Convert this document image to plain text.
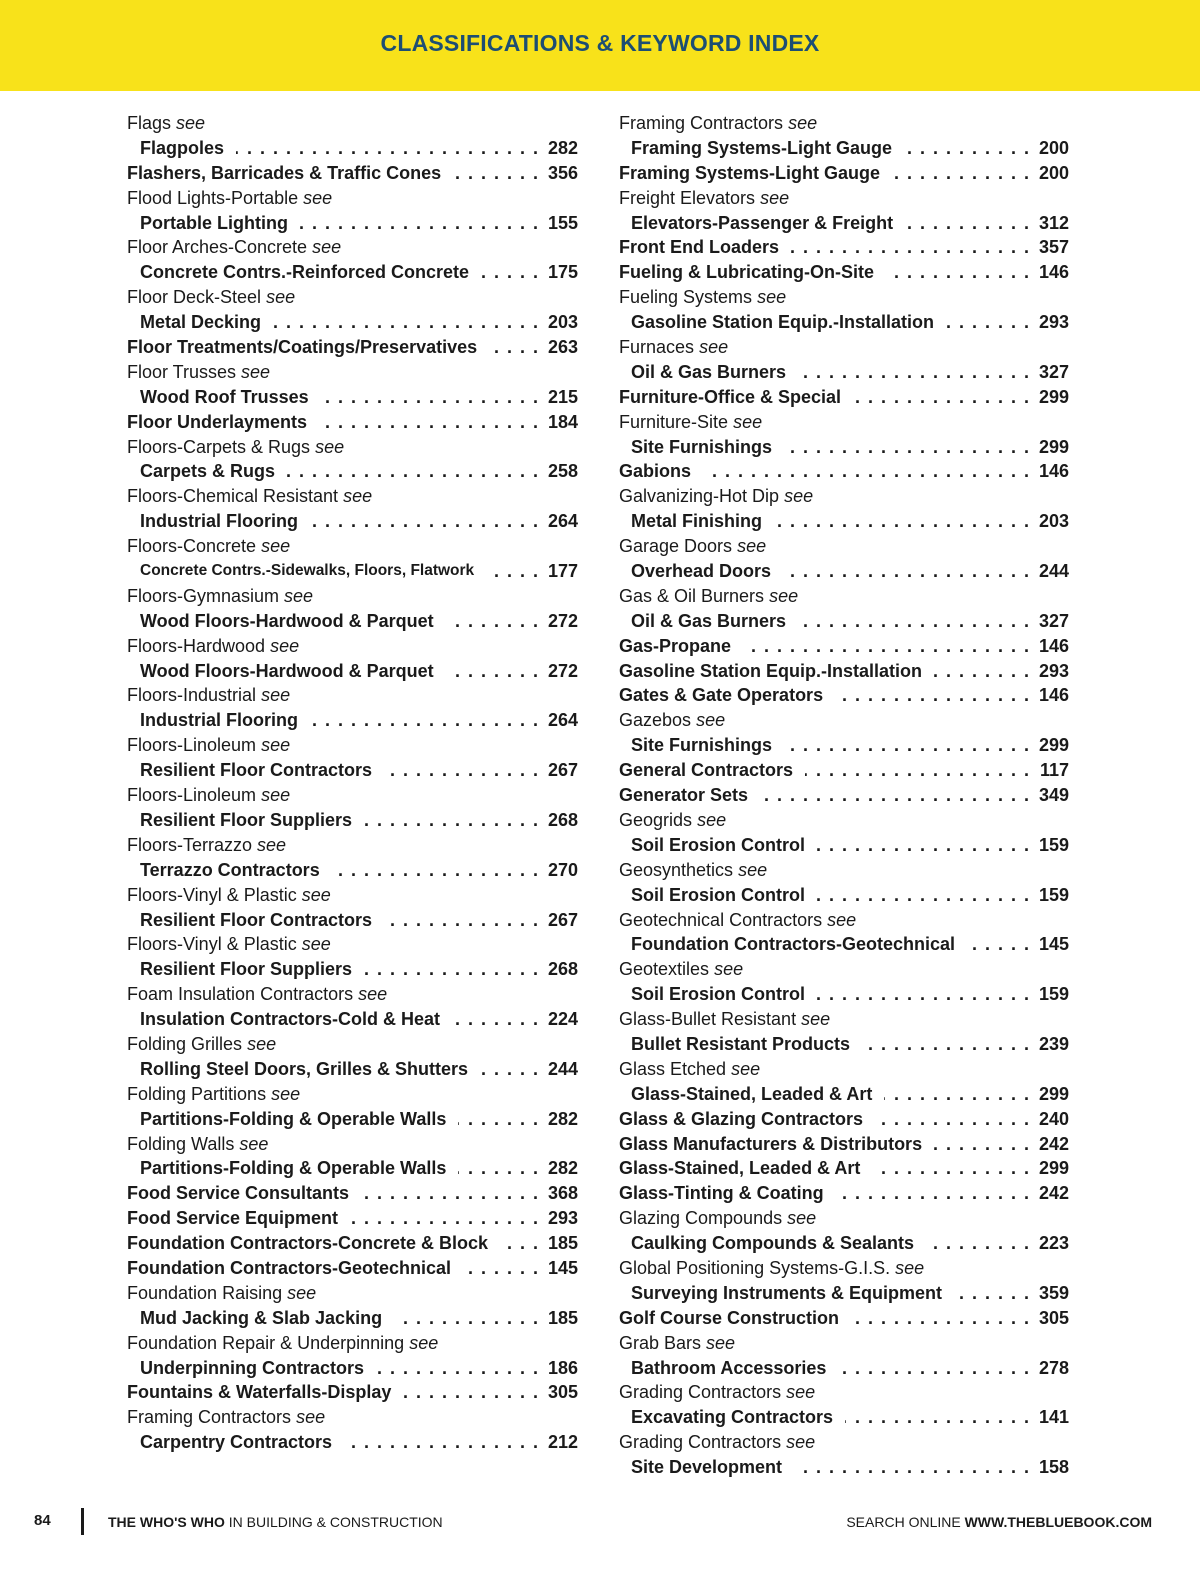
CLASSIFICATIONS & KEYWORD INDEX
Flags see
Flagpoles . . .	282
Flashers, Barricades & Traffic Cones . . .	356
Flood Lights-Portable see
Portable Lighting . . .	155
Floor Arches-Concrete see
Concrete Contrs.-Reinforced Concrete . . .	175
Floor Deck-Steel see
Metal Decking . . .	203
Floor Treatments/Coatings/Preservatives . . .	263
Floor Trusses see
Wood Roof Trusses . . .	215
Floor Underlayments . . .	184
Floors-Carpets & Rugs see
Carpets & Rugs . . .	258
Floors-Chemical Resistant see
Industrial Flooring . . .	264
Floors-Concrete see
Concrete Contrs.-Sidewalks, Floors, Flatwork . . .	177
Floors-Gymnasium see
Wood Floors-Hardwood & Parquet . . .	272
Floors-Hardwood see
Wood Floors-Hardwood & Parquet . . .	272
Floors-Industrial see
Industrial Flooring . . .	264
Floors-Linoleum see
Resilient Floor Contractors . . .	267
Floors-Linoleum see
Resilient Floor Suppliers . . .	268
Floors-Terrazzo see
Terrazzo Contractors . . .	270
Floors-Vinyl & Plastic see
Resilient Floor Contractors . . .	267
Floors-Vinyl & Plastic see
Resilient Floor Suppliers . . .	268
Foam Insulation Contractors see
Insulation Contractors-Cold & Heat . . .	224
Folding Grilles see
Rolling Steel Doors, Grilles & Shutters . . .	244
Folding Partitions see
Partitions-Folding & Operable Walls . . .	282
Folding Walls see
Partitions-Folding & Operable Walls . . .	282
Food Service Consultants . . .	368
Food Service Equipment . . .	293
Foundation Contractors-Concrete & Block . . .	185
Foundation Contractors-Geotechnical . . .	145
Foundation Raising see
Mud Jacking & Slab Jacking . . .	185
Foundation Repair & Underpinning see
Underpinning Contractors . . .	186
Fountains & Waterfalls-Display . . .	305
Framing Contractors see
Carpentry Contractors . . .	212
Framing Contractors see
Framing Systems-Light Gauge . . .	200
Framing Systems-Light Gauge . . .	200
Freight Elevators see
Elevators-Passenger & Freight . . .	312
Front End Loaders . . .	357
Fueling & Lubricating-On-Site . . .	146
Fueling Systems see
Gasoline Station Equip.-Installation . . .	293
Furnaces see
Oil & Gas Burners . . .	327
Furniture-Office & Special . . .	299
Furniture-Site see
Site Furnishings . . .	299
Gabions . . .	146
Galvanizing-Hot Dip see
Metal Finishing . . .	203
Garage Doors see
Overhead Doors . . .	244
Gas & Oil Burners see
Oil & Gas Burners . . .	327
Gas-Propane . . .	146
Gasoline Station Equip.-Installation . . .	293
Gates & Gate Operators . . .	146
Gazebos see
Site Furnishings . . .	299
General Contractors . . .	117
Generator Sets . . .	349
Geogrids see
Soil Erosion Control . . .	159
Geosynthetics see
Soil Erosion Control . . .	159
Geotechnical Contractors see
Foundation Contractors-Geotechnical . . .	145
Geotextiles see
Soil Erosion Control . . .	159
Glass-Bullet Resistant see
Bullet Resistant Products . . .	239
Glass Etched see
Glass-Stained, Leaded & Art . . .	299
Glass & Glazing Contractors . . .	240
Glass Manufacturers & Distributors . . .	242
Glass-Stained, Leaded & Art . . .	299
Glass-Tinting & Coating . . .	242
Glazing Compounds see
Caulking Compounds & Sealants . . .	223
Global Positioning Systems-G.I.S. see
Surveying Instruments & Equipment . . .	359
Golf Course Construction . . .	305
Grab Bars see
Bathroom Accessories . . .	278
Grading Contractors see
Excavating Contractors . . .	141
Grading Contractors see
Site Development . . .	158
84	THE WHO'S WHO IN BUILDING & CONSTRUCTION	SEARCH ONLINE WWW.THEBLUEBOOK.COM
